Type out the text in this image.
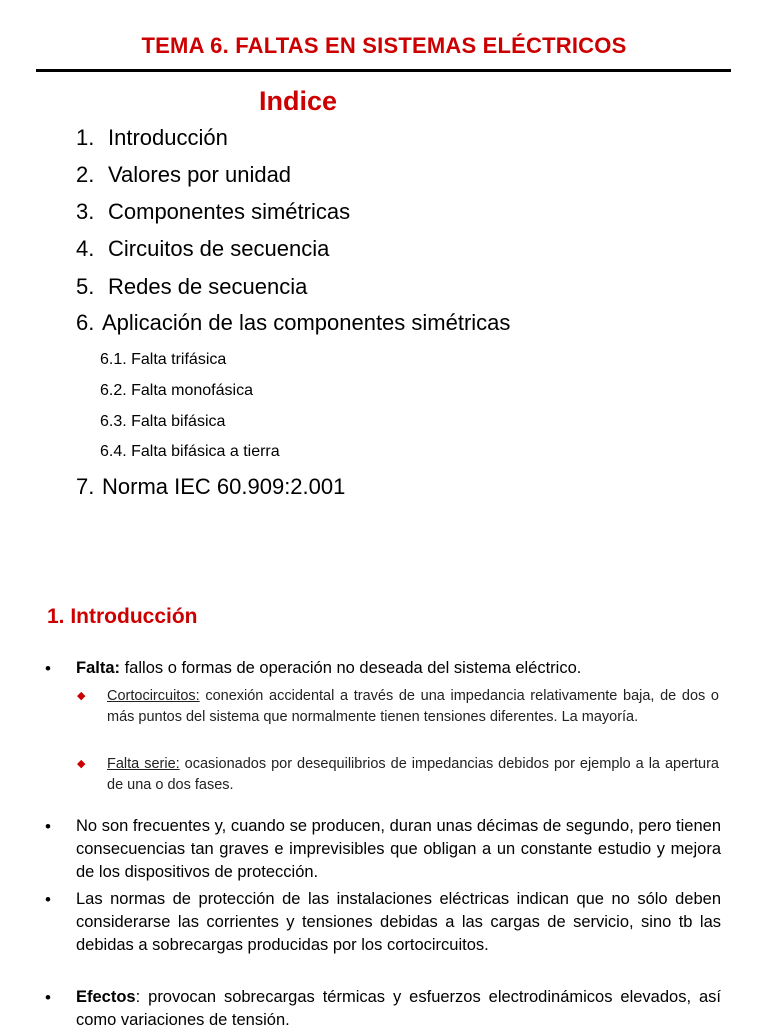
TEMA 6. FALTAS EN SISTEMAS ELÉCTRICOS
Indice
1. Introducción
2. Valores por unidad
3. Componentes simétricas
4. Circuitos de secuencia
5. Redes de secuencia
6. Aplicación de las componentes simétricas
6.1. Falta trifásica
6.2. Falta monofásica
6.3. Falta bifásica
6.4. Falta bifásica a tierra
7. Norma IEC 60.909:2.001
1. Introducción
• Falta: fallos o formas de operación no deseada del sistema eléctrico.
◆ Cortocircuitos: conexión accidental a través de una impedancia relativamente baja, de dos o más puntos del sistema que normalmente tienen tensiones diferentes. La mayoría.
◆ Falta serie: ocasionados por desequilibrios de impedancias debidos por ejemplo a la apertura de una o dos fases.
• No son frecuentes y, cuando se producen, duran unas décimas de segundo, pero tienen consecuencias tan graves e imprevisibles que obligan a un constante estudio y mejora de los dispositivos de protección.
• Las normas de protección de las instalaciones eléctricas indican que no sólo deben considerarse las corrientes y tensiones debidas a las cargas de servicio, sino tb las debidas a sobrecargas producidas por los cortocircuitos.
• Efectos: provocan sobrecargas térmicas y esfuerzos electrodinámicos elevados, así como variaciones de tensión.
